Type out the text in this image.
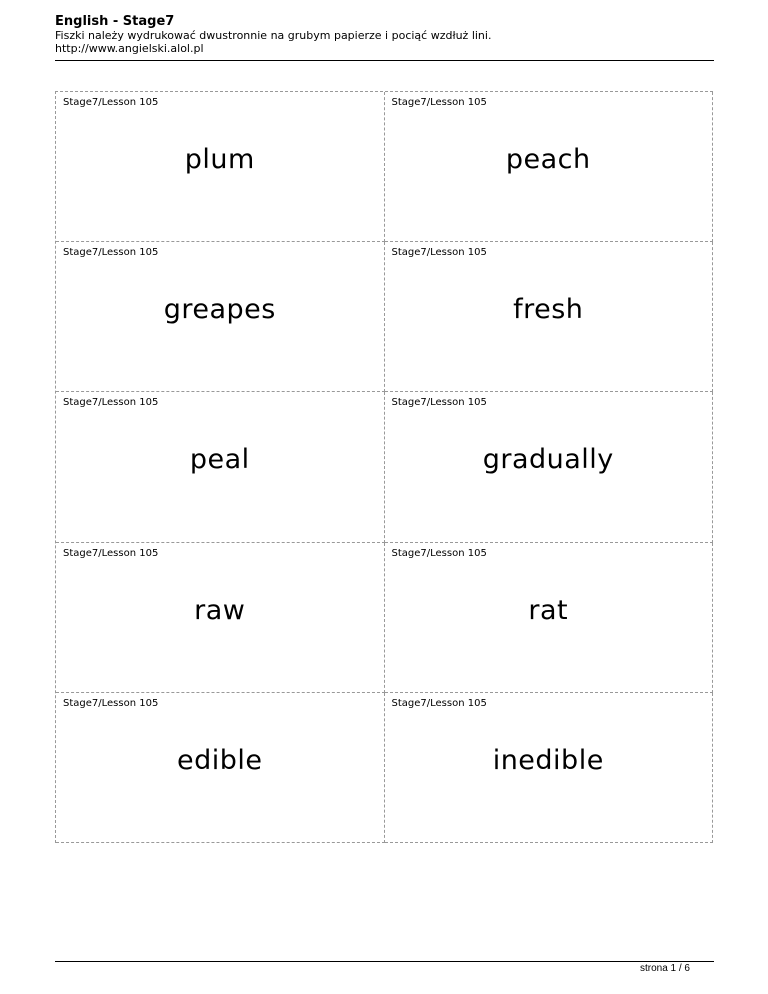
English - Stage7
Fiszki należy wydrukować dwustronnie na grubym papierze i pociąć wzdłuż lini.
http://www.angielski.alol.pl
Stage7/Lesson 105
plum
Stage7/Lesson 105
peach
Stage7/Lesson 105
greapes
Stage7/Lesson 105
fresh
Stage7/Lesson 105
peal
Stage7/Lesson 105
gradually
Stage7/Lesson 105
raw
Stage7/Lesson 105
rat
Stage7/Lesson 105
edible
Stage7/Lesson 105
inedible
strona 1 / 6
